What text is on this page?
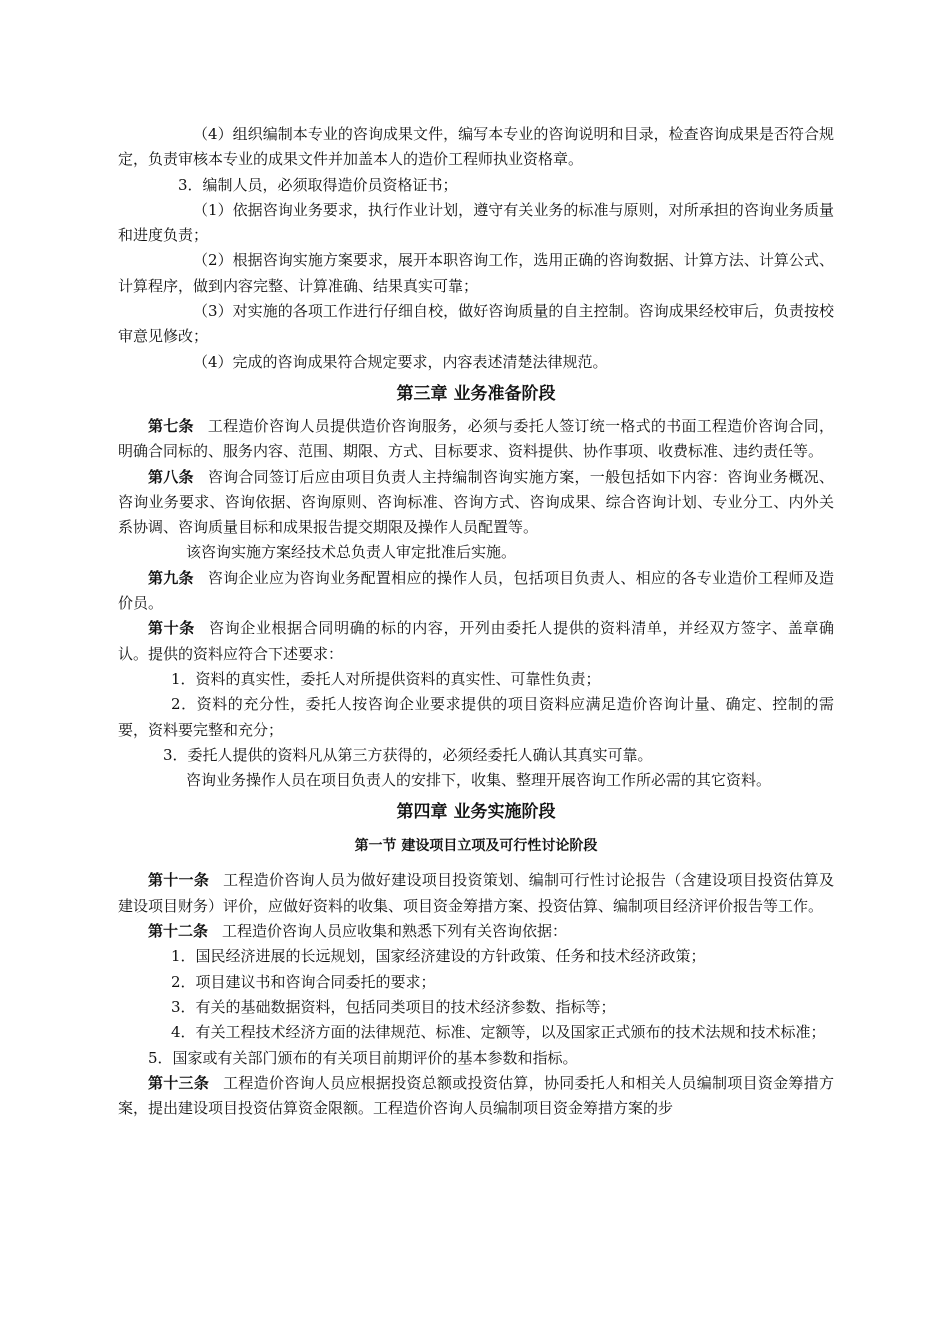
（4）组织编制本专业的咨询成果文件，编写本专业的咨询说明和目录，检查咨询成果是否符合规定，负责审核本专业的成果文件并加盖本人的造价工程师执业资格章。

3．编制人员，必须取得造价员资格证书；

（1）依据咨询业务要求，执行作业计划，遵守有关业务的标准与原则，对所承担的咨询业务质量和进度负责；

（2）根据咨询实施方案要求，展开本职咨询工作，选用正确的咨询数据、计算方法、计算公式、计算程序，做到内容完整、计算准确、结果真实可靠；

（3）对实施的各项工作进行仔细自校，做好咨询质量的自主控制。咨询成果经校审后，负责按校审意见修改；

（4）完成的咨询成果符合规定要求，内容表述清楚法律规范。

第三章 业务准备阶段

第七条 工程造价咨询人员提供造价咨询服务，必须与委托人签订统一格式的书面工程造价咨询合同，明确合同标的、服务内容、范围、期限、方式、目标要求、资料提供、协作事项、收费标准、违约责任等。

第八条 咨询合同签订后应由项目负责人主持编制咨询实施方案，一般包括如下内容：咨询业务概况、咨询业务要求、咨询依据、咨询原则、咨询标准、咨询方式、咨询成果、综合咨询计划、专业分工、内外关系协调、咨询质量目标和成果报告提交期限及操作人员配置等。

该咨询实施方案经技术总负责人审定批准后实施。

第九条 咨询企业应为咨询业务配置相应的操作人员，包括项目负责人、相应的各专业造价工程师及造价员。

第十条 咨询企业根据合同明确的标的内容，开列由委托人提供的资料清单，并经双方签字、盖章确认。提供的资料应符合下述要求：

1．资料的真实性，委托人对所提供资料的真实性、可靠性负责；

2．资料的充分性，委托人按咨询企业要求提供的项目资料应满足造价咨询计量、确定、控制的需要，资料要完整和充分；

3．委托人提供的资料凡从第三方获得的，必须经委托人确认其真实可靠。

咨询业务操作人员在项目负责人的安排下，收集、整理开展咨询工作所必需的其它资料。

第四章 业务实施阶段
第一节 建设项目立项及可行性讨论阶段

第十一条 工程造价咨询人员为做好建设项目投资策划、编制可行性讨论报告（含建设项目投资估算及建设项目财务）评价，应做好资料的收集、项目资金筹措方案、投资估算、编制项目经济评价报告等工作。

第十二条 工程造价咨询人员应收集和熟悉下列有关咨询依据：

1．国民经济进展的长远规划，国家经济建设的方针政策、任务和技术经济政策；

2．项目建议书和咨询合同委托的要求；

3．有关的基础数据资料，包括同类项目的技术经济参数、指标等；

4．有关工程技术经济方面的法律规范、标准、定额等，以及国家正式颁布的技术法规和技术标准；

5．国家或有关部门颁布的有关项目前期评价的基本参数和指标。

第十三条 工程造价咨询人员应根据投资总额或投资估算，协同委托人和相关人员编制项目资金筹措方案，提出建设项目投资估算资金限额。工程造价咨询人员编制项目资金筹措方案的步
